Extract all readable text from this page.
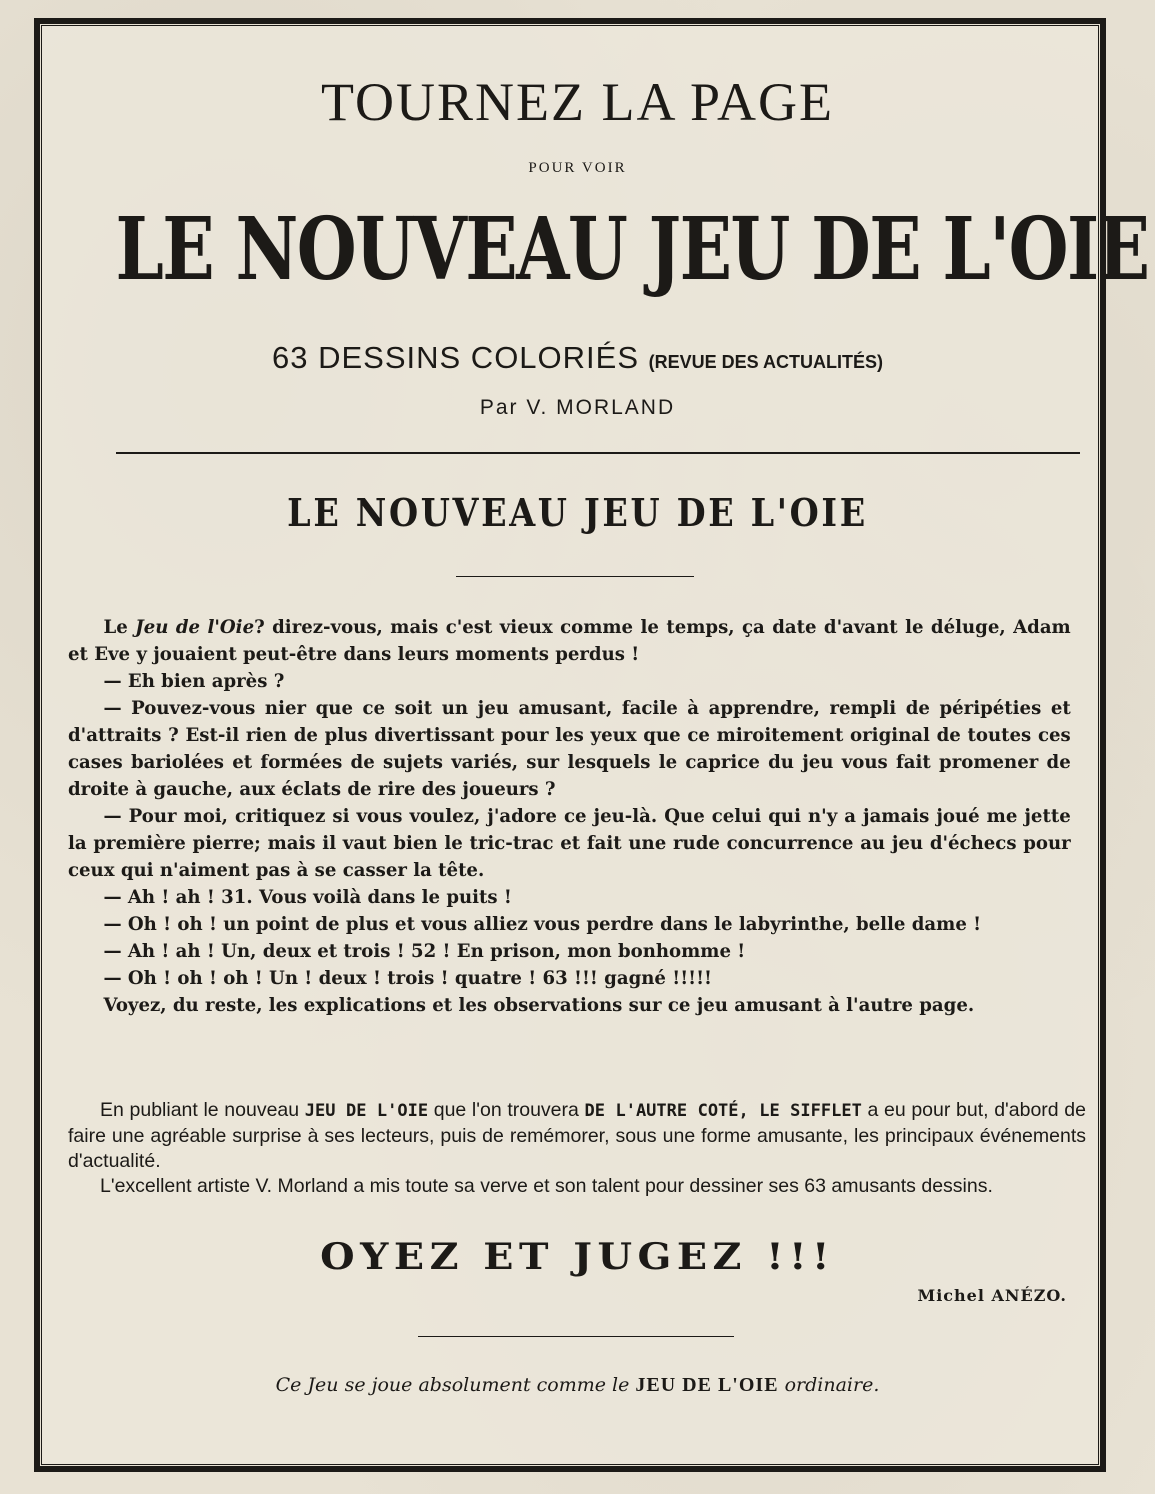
TOURNEZ LA PAGE
POUR VOIR
LE NOUVEAU JEU DE L'OIE
63 DESSINS COLORIÉS (REVUE DES ACTUALITÉS)
Par V. MORLAND
LE NOUVEAU JEU DE L'OIE

Le Jeu de l'Oie? direz-vous, mais c'est vieux comme le temps, ça date d'avant le déluge, Adam et Eve y jouaient peut-être dans leurs moments perdus !

— Eh bien après ?

— Pouvez-vous nier que ce soit un jeu amusant, facile à apprendre, rempli de péripéties et d'attraits ? Est-il rien de plus divertissant pour les yeux que ce miroitement original de toutes ces cases bariolées et formées de sujets variés, sur lesquels le caprice du jeu vous fait promener de droite à gauche, aux éclats de rire des joueurs ?

— Pour moi, critiquez si vous voulez, j'adore ce jeu-là. Que celui qui n'y a jamais joué me jette la première pierre; mais il vaut bien le tric-trac et fait une rude concurrence au jeu d'échecs pour ceux qui n'aiment pas à se casser la tête.

— Ah ! ah ! 31. Vous voilà dans le puits !

— Oh ! oh ! un point de plus et vous alliez vous perdre dans le labyrinthe, belle dame !

— Ah ! ah ! Un, deux et trois ! 52 ! En prison, mon bonhomme !

— Oh ! oh ! oh ! Un ! deux ! trois ! quatre ! 63 !!! gagné !!!!!

Voyez, du reste, les explications et les observations sur ce jeu amusant à l'autre page.

En publiant le nouveau JEU DE L'OIE que l'on trouvera DE L'AUTRE COTÉ, LE SIFFLET a eu pour but, d'abord de faire une agréable surprise à ses lecteurs, puis de remémorer, sous une forme amusante, les principaux événements d'actualité.

L'excellent artiste V. Morland a mis toute sa verve et son talent pour dessiner ses 63 amusants dessins.

OYEZ ET JUGEZ !!!
Michel ANÉZO.
Ce Jeu se joue absolument comme le JEU DE L'OIE ordinaire.
